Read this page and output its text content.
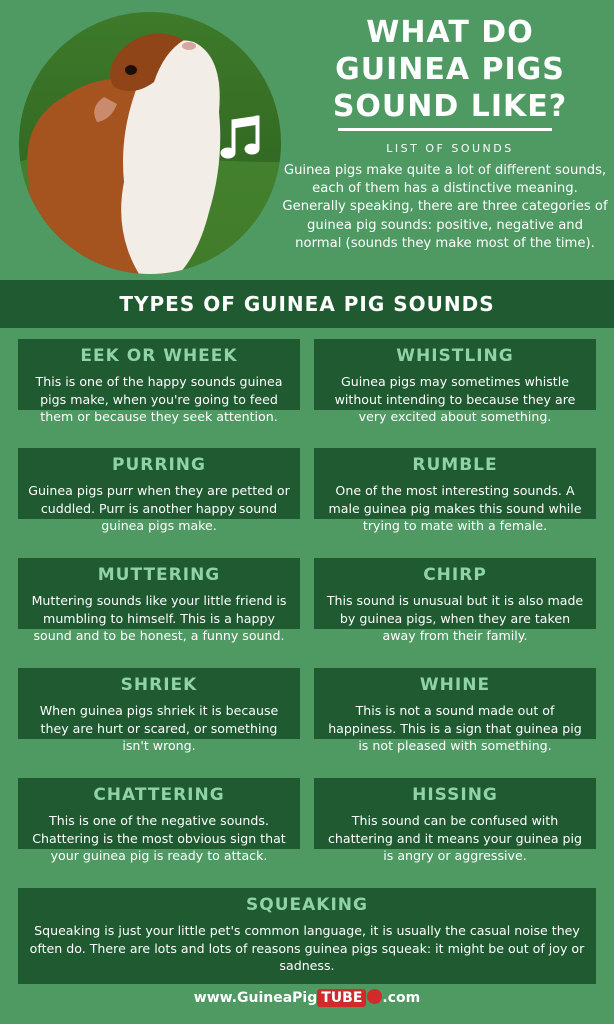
WHAT DO
GUINEA PIGS
SOUND LIKE?
LIST OF SOUNDS
Guinea pigs make quite a lot of different sounds, each of them has a distinctive meaning. Generally speaking, there are three categories of guinea pig sounds: positive, negative and normal (sounds they make most of the time).
TYPES OF GUINEA PIG SOUNDS
EEK OR WHEEK
This is one of the happy sounds guinea pigs make, when you're going to feed them or because they seek attention.
WHISTLING
Guinea pigs may sometimes whistle without intending to because they are very excited about something.
PURRING
Guinea pigs purr when they are petted or cuddled. Purr is another happy sound guinea pigs make.
RUMBLE
One of the most interesting sounds. A male guinea pig makes this sound while trying to mate with a female.
MUTTERING
Muttering sounds like your little friend is mumbling to himself. This is a happy sound and to be honest, a funny sound.
CHIRP
This sound is unusual but it is also made by guinea pigs, when they are taken away from their family.
SHRIEK
When guinea pigs shriek it is because they are hurt or scared, or something isn't wrong.
WHINE
This is not a sound made out of happiness. This is a sign that guinea pig is not pleased with something.
CHATTERING
This is one of the negative sounds. Chattering is the most obvious sign that your guinea pig is ready to attack.
HISSING
This sound can be confused with chattering and it means your guinea pig is angry or aggressive.
SQUEAKING
Squeaking is just your little pet's common language, it is usually the casual noise they often do. There are lots and lots of reasons guinea pigs squeak: it might be out of joy or sadness.
www.GuineaPig TUBE .com
